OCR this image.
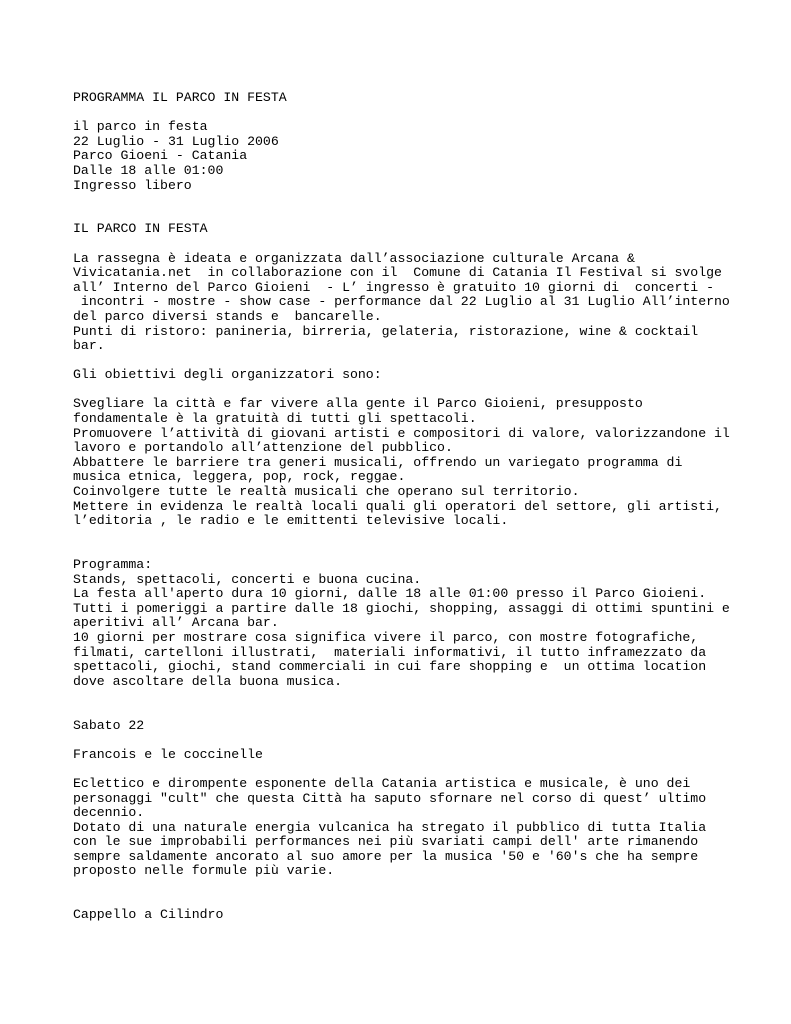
PROGRAMMA IL PARCO IN FESTA
il parco in festa
22 Luglio - 31 Luglio 2006
Parco Gioeni - Catania
Dalle 18 alle 01:00
Ingresso libero
IL PARCO IN FESTA
La rassegna è ideata e organizzata dall’associazione culturale Arcana &
Vivicatania.net  in collaborazione con il  Comune di Catania Il Festival si svolge
all’ Interno del Parco Gioieni  - L’ ingresso è gratuito 10 giorni di  concerti -
incontri - mostre - show case - performance dal 22 Luglio al 31 Luglio All’interno
del parco diversi stands e  bancarelle.
Punti di ristoro: panineria, birreria, gelateria, ristorazione, wine & cocktail
bar.
Gli obiettivi degli organizzatori sono:
Svegliare la città e far vivere alla gente il Parco Gioieni, presupposto
fondamentale è la gratuità di tutti gli spettacoli.
Promuovere l’attività di giovani artisti e compositori di valore, valorizzandone il
lavoro e portandolo all’attenzione del pubblico.
Abbattere le barriere tra generi musicali, offrendo un variegato programma di
musica etnica, leggera, pop, rock, reggae.
Coinvolgere tutte le realtà musicali che operano sul territorio.
Mettere in evidenza le realtà locali quali gli operatori del settore, gli artisti,
l’editoria , le radio e le emittenti televisive locali.
Programma:
Stands, spettacoli, concerti e buona cucina.
La festa all'aperto dura 10 giorni, dalle 18 alle 01:00 presso il Parco Gioieni.
Tutti i pomeriggi a partire dalle 18 giochi, shopping, assaggi di ottimi spuntini e
aperitivi all’ Arcana bar.
10 giorni per mostrare cosa significa vivere il parco, con mostre fotografiche,
filmati, cartelloni illustrati,  materiali informativi, il tutto inframezzato da
spettacoli, giochi, stand commerciali in cui fare shopping e  un ottima location
dove ascoltare della buona musica.
Sabato 22
Francois e le coccinelle
Eclettico e dirompente esponente della Catania artistica e musicale, è uno dei
personaggi "cult" che questa Città ha saputo sfornare nel corso di quest’ ultimo
decennio.
Dotato di una naturale energia vulcanica ha stregato il pubblico di tutta Italia
con le sue improbabili performances nei più svariati campi dell' arte rimanendo
sempre saldamente ancorato al suo amore per la musica '50 e '60's che ha sempre
proposto nelle formule più varie.
Cappello a Cilindro
